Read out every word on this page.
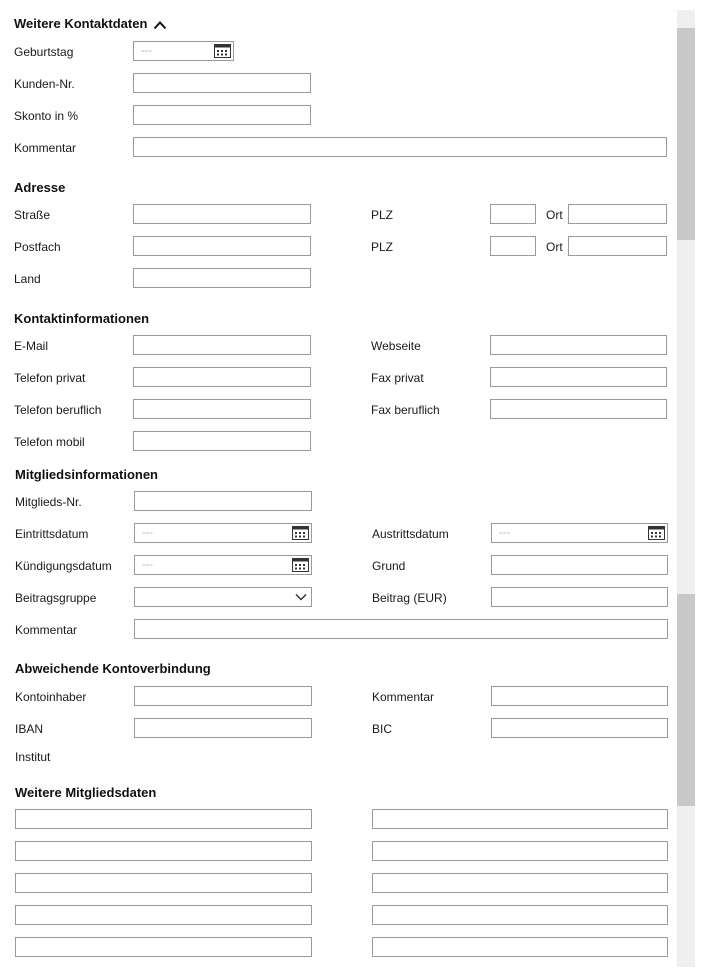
Weitere Kontaktdaten
Geburtstag	---
Kunden-Nr.
Skonto in %
Kommentar
Adresse
Straße	PLZ	Ort
Postfach	PLZ	Ort
Land
Kontaktinformationen
E-Mail	Webseite
Telefon privat	Fax privat
Telefon beruflich	Fax beruflich
Telefon mobil
Mitgliedsinformationen
Mitglieds-Nr.
Eintrittsdatum	---	Austrittsdatum	---
Kündigungsdatum	---	Grund
Beitragsgruppe	Beitrag (EUR)
Kommentar
Abweichende Kontoverbindung
Kontoinhaber	Kommentar
IBAN	BIC
Institut
Weitere Mitgliedsdaten
